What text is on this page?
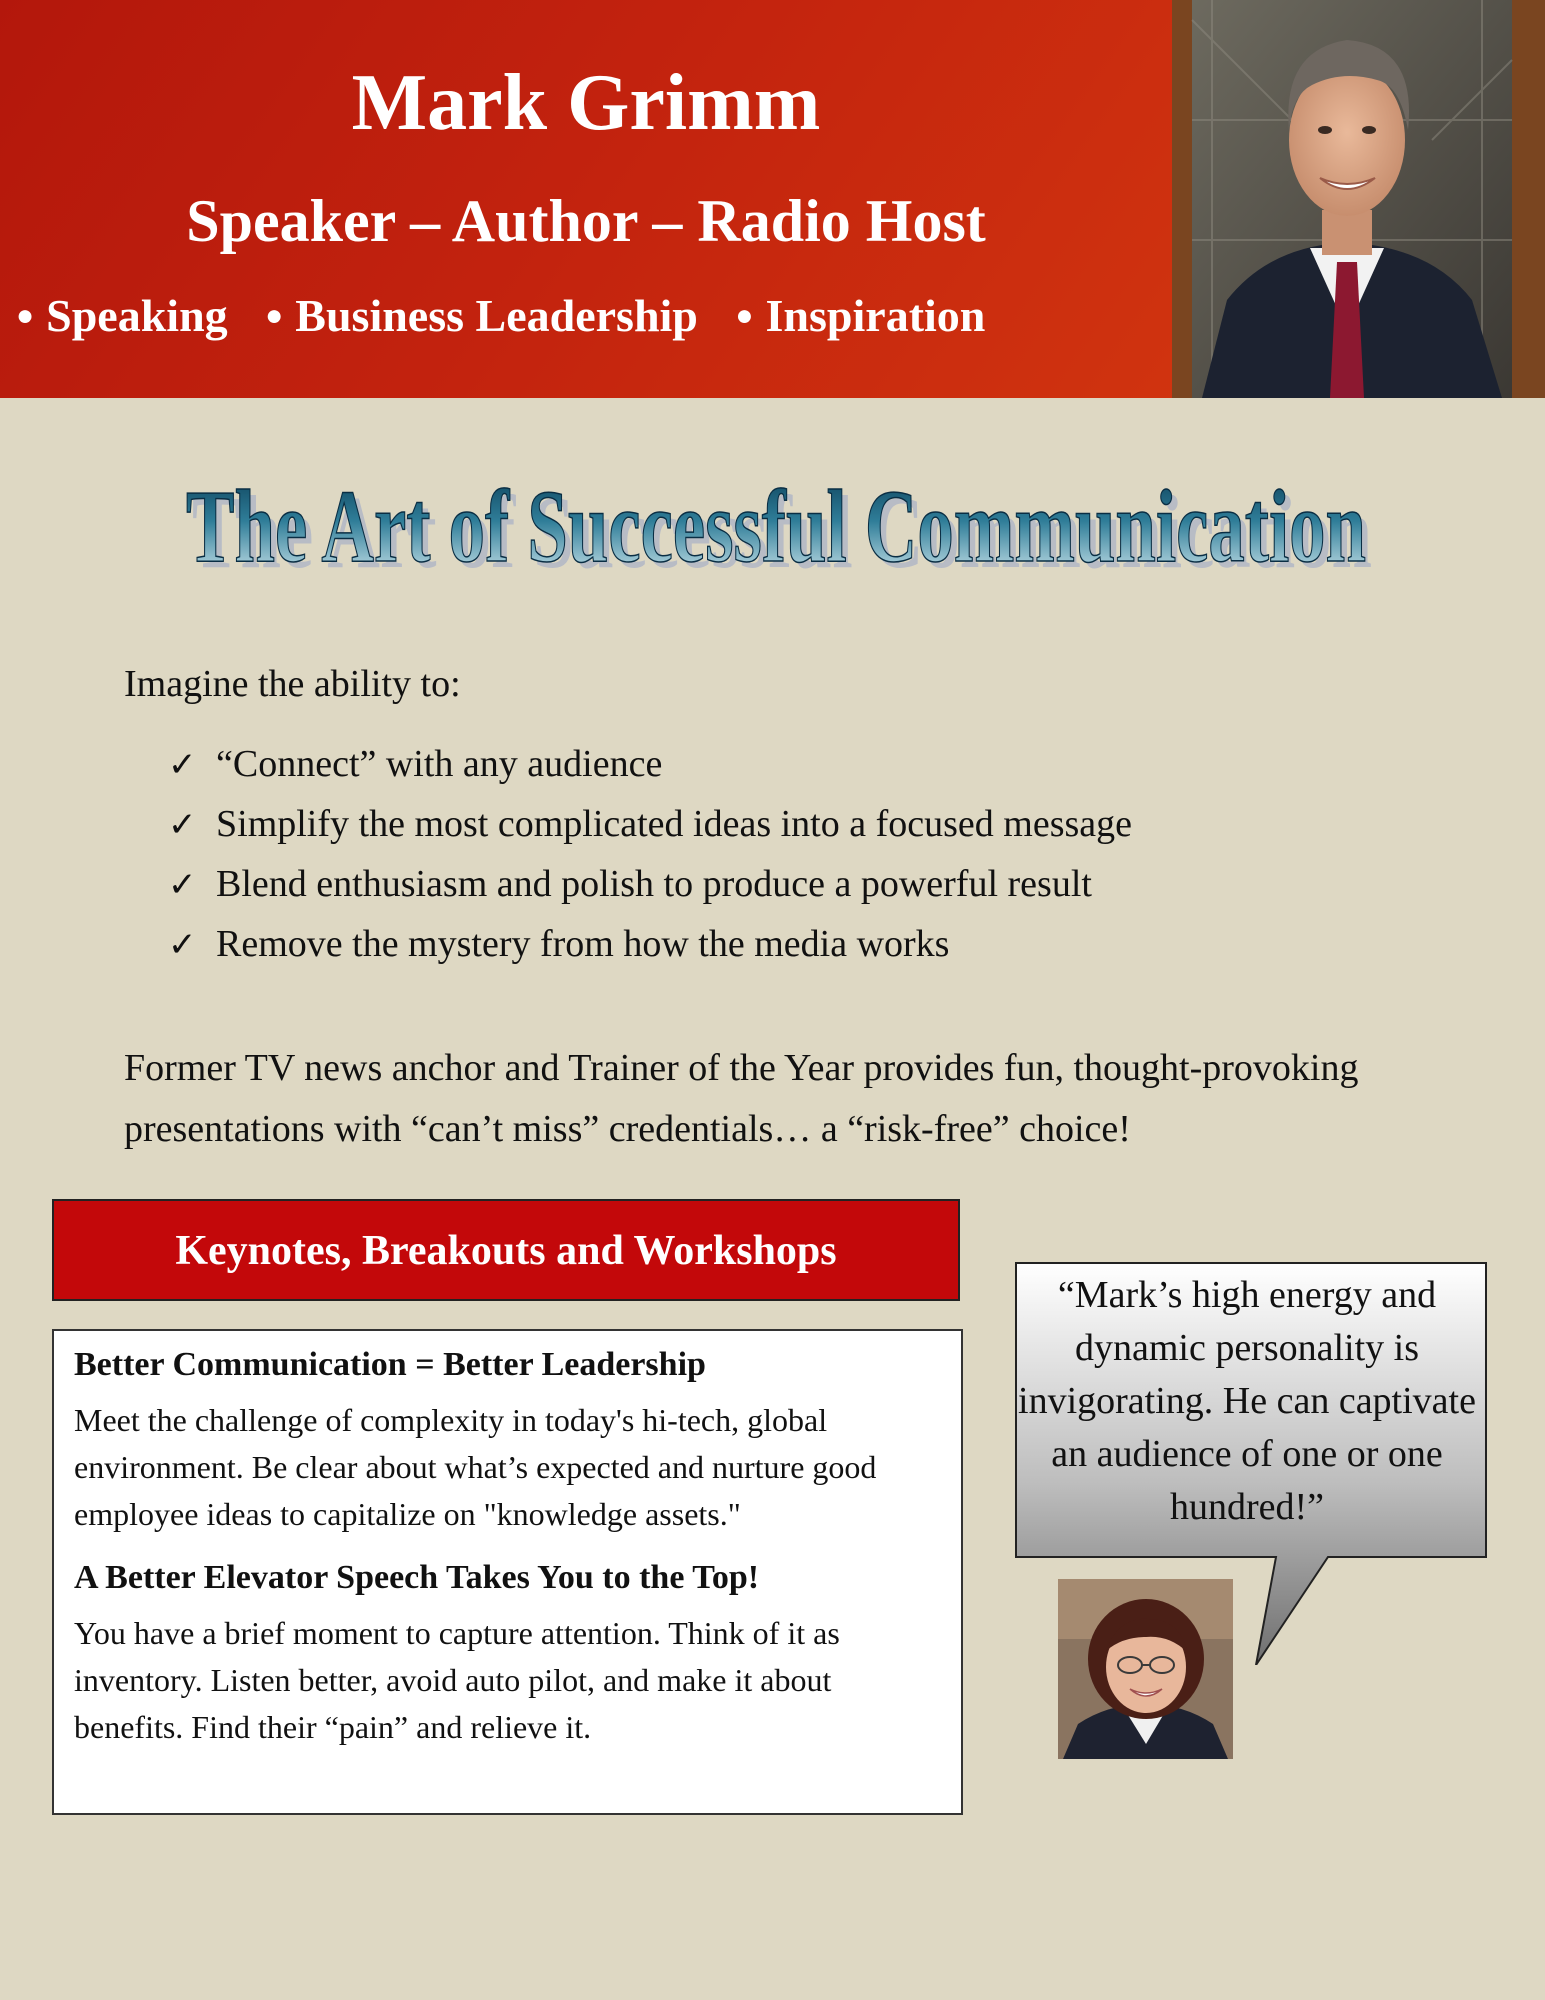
Mark Grimm
Speaker – Author – Radio Host
● Speaking ● Business Leadership ● Inspiration
The Art of Successful Communication
The Art of Successful Communication
Imagine the ability to:
✓ “Connect” with any audience
✓ Simplify the most complicated ideas into a focused message
✓ Blend enthusiasm and polish to produce a powerful result
✓ Remove the mystery from how the media works
Former TV news anchor and Trainer of the Year provides fun, thought-provoking presentations with “can’t miss” credentials… a “risk-free” choice!
Keynotes, Breakouts and Workshops
Better Communication = Better Leadership

Meet the challenge of complexity in today's hi-tech, global environment. Be clear about what’s expected and nurture good employee ideas to capitalize on "knowledge assets."

A Better Elevator Speech Takes You to the Top!

You have a brief moment to capture attention. Think of it as inventory. Listen better, avoid auto pilot, and make it about benefits. Find their “pain” and relieve it.

“Mark’s high energy and dynamic personality is invigorating. He can captivate an audience of one or one hundred!”
